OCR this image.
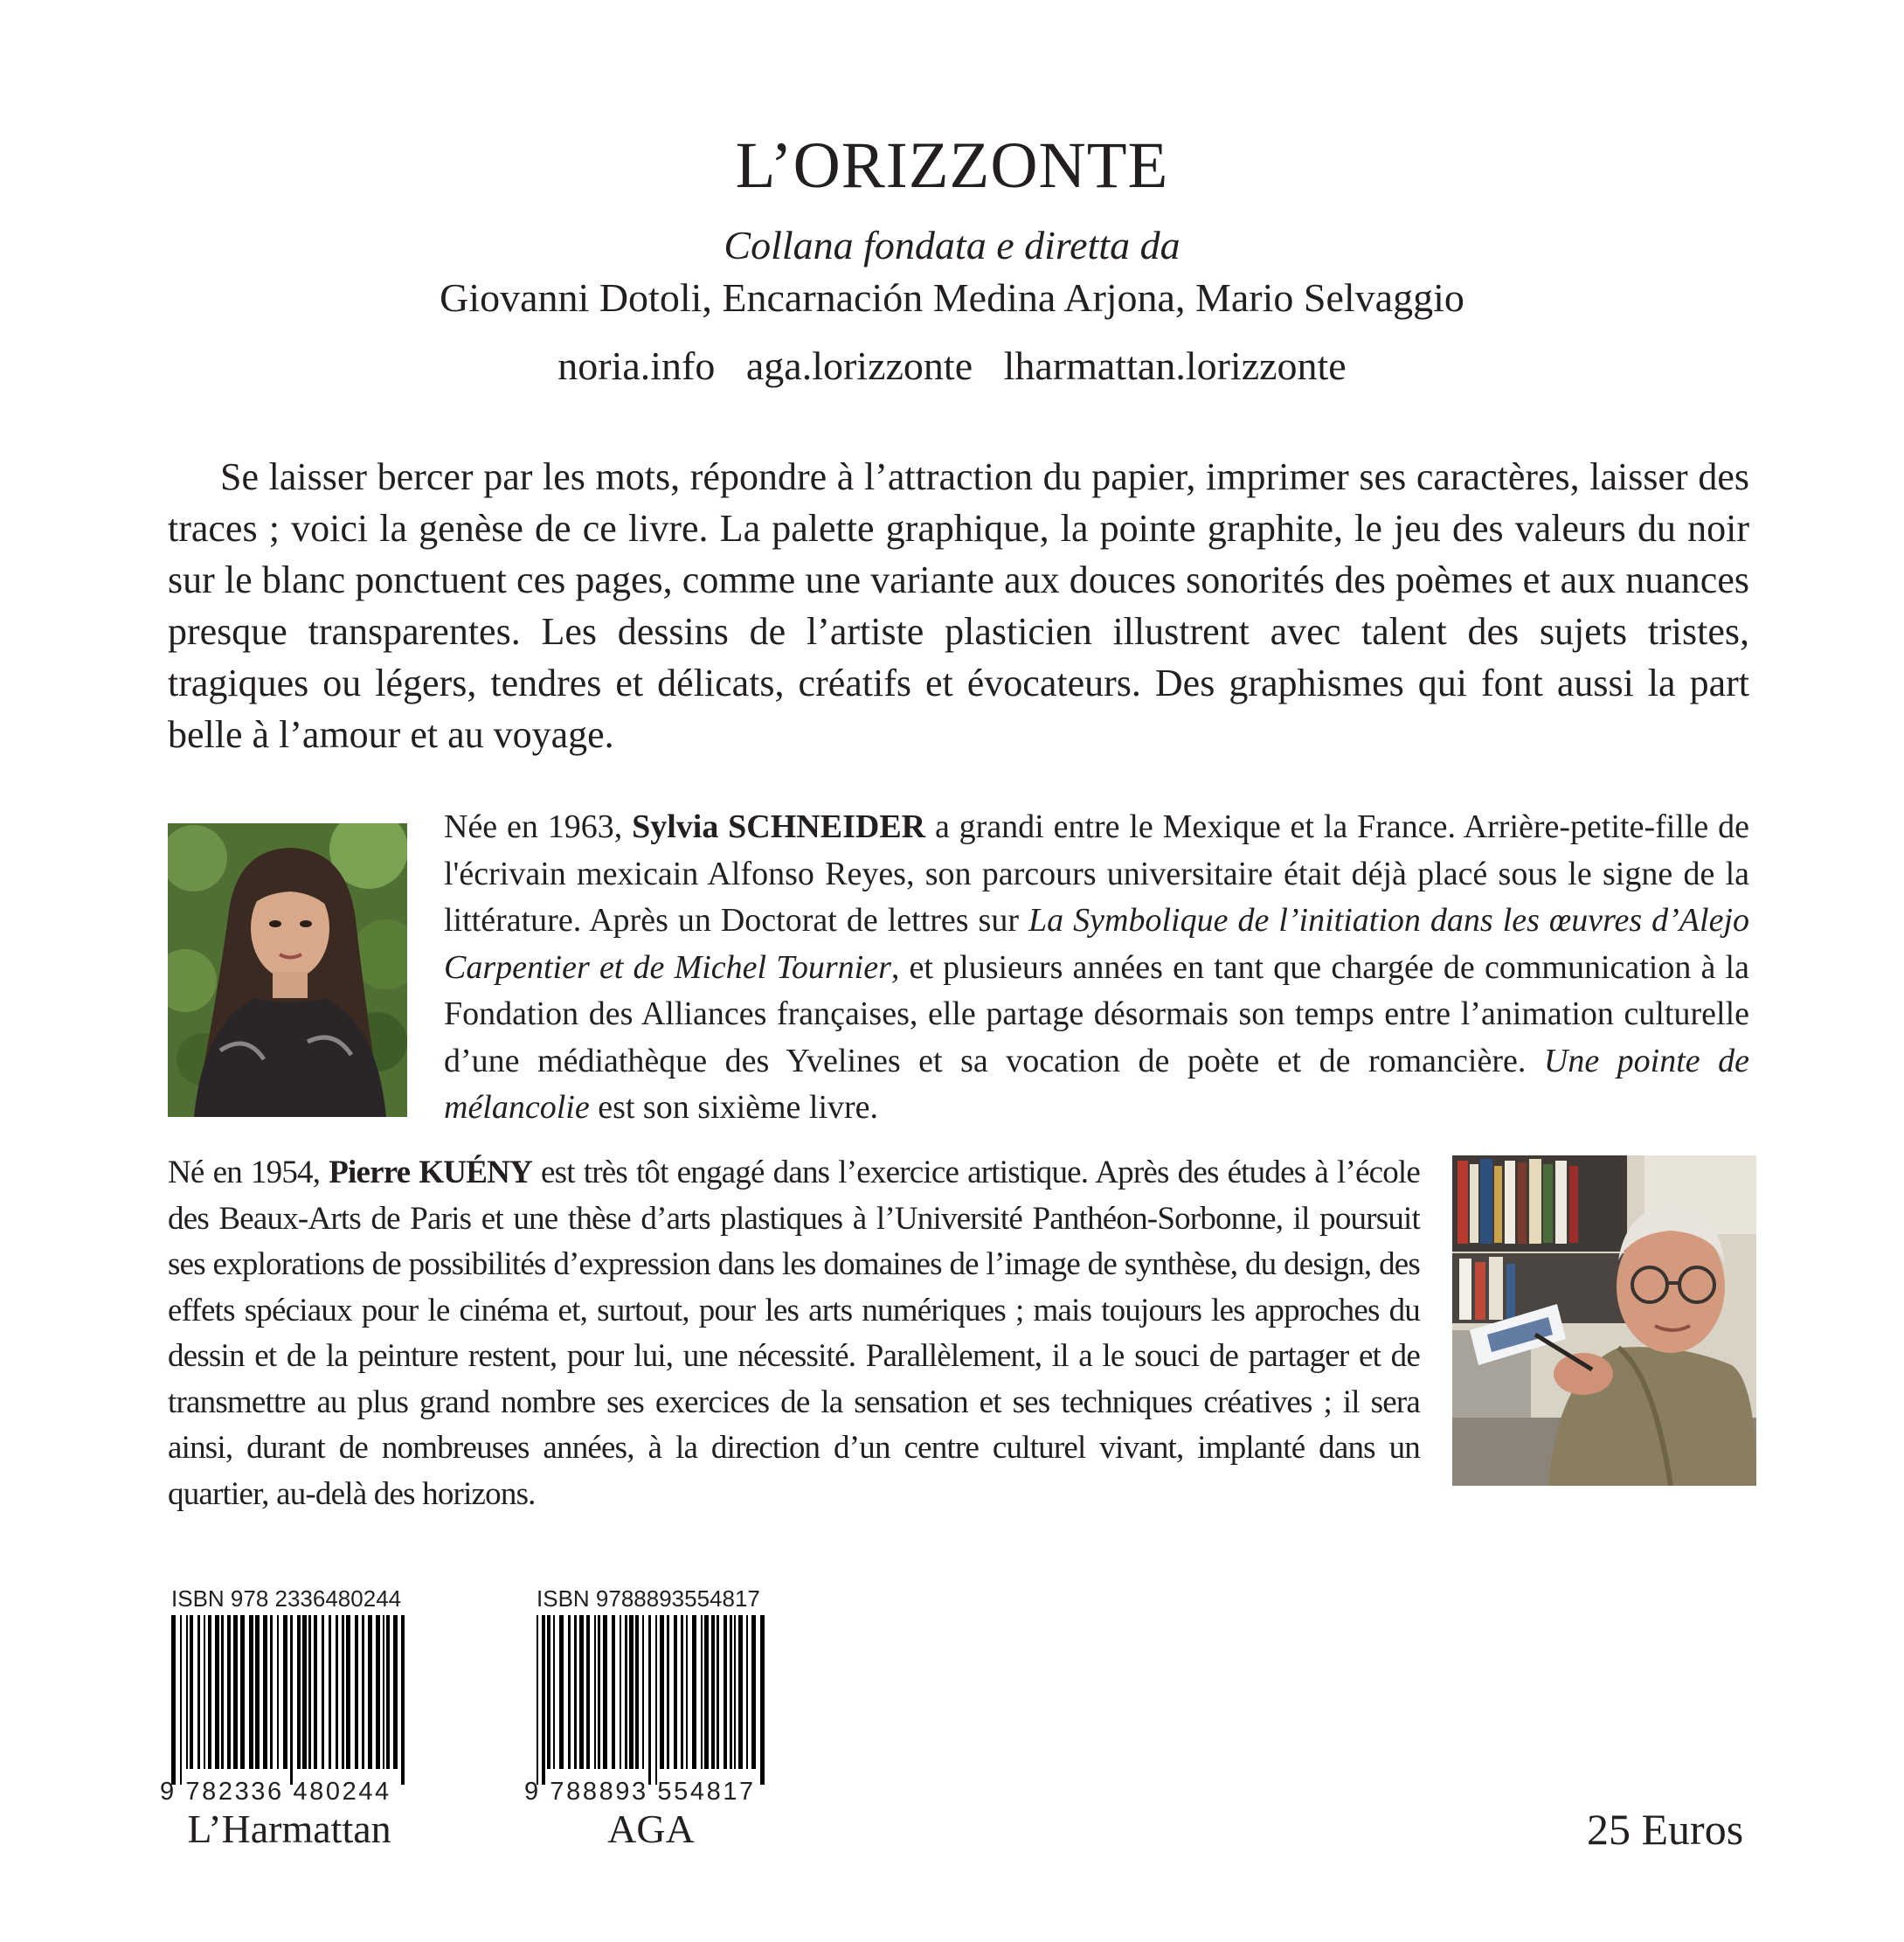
L’ORIZZONTE
Collana fondata e diretta da
Giovanni Dotoli, Encarnación Medina Arjona, Mario Selvaggio
noria.info aga.lorizzonte lharmattan.lorizzonte
Se laisser bercer par les mots, répondre à l’attraction du papier, imprimer ses caractères, laisser des traces ; voici la genèse de ce livre. La palette graphique, la pointe graphite, le jeu des valeurs du noir sur le blanc ponctuent ces pages, comme une variante aux douces sonorités des poèmes et aux nuances presque transparentes. Les dessins de l’artiste plasticien illustrent avec talent des sujets tristes, tragiques ou légers, tendres et délicats, créatifs et évocateurs. Des graphismes qui font aussi la part belle à l’amour et au voyage.
Née en 1963, Sylvia SCHNEIDER a grandi entre le Mexique et la France. Arrière-petite-fille de l'écrivain mexicain Alfonso Reyes, son parcours universitaire était déjà placé sous le signe de la littérature. Après un Doctorat de lettres sur La Symbolique de l’initiation dans les œuvres d’Alejo Carpentier et de Michel Tournier, et plusieurs années en tant que chargée de communication à la Fondation des Alliances françaises, elle partage désormais son temps entre l’animation culturelle d’une médiathèque des Yvelines et sa vocation de poète et de romancière. Une pointe de mélancolie est son sixième livre.
Né en 1954, Pierre KUÉNY est très tôt engagé dans l’exercice artistique. Après des études à l’école des Beaux-Arts de Paris et une thèse d’arts plastiques à l’Université Panthéon-Sorbonne, il poursuit ses explorations de possibilités d’expression dans les domaines de l’image de synthèse, du design, des effets spéciaux pour le cinéma et, surtout, pour les arts numériques ; mais toujours les approches du dessin et de la peinture restent, pour lui, une nécessité. Parallèlement, il a le souci de partager et de transmettre au plus grand nombre ses exercices de la sensation et ses techniques créatives ; il sera ainsi, durant de nombreuses années, à la direction d’un centre culturel vivant, implanté dans un quartier, au-delà des horizons.
ISBN 978 2336480244
9 782336 480244
L’Harmattan
ISBN 9788893554817
9 788893 554817
AGA	25 Euros
